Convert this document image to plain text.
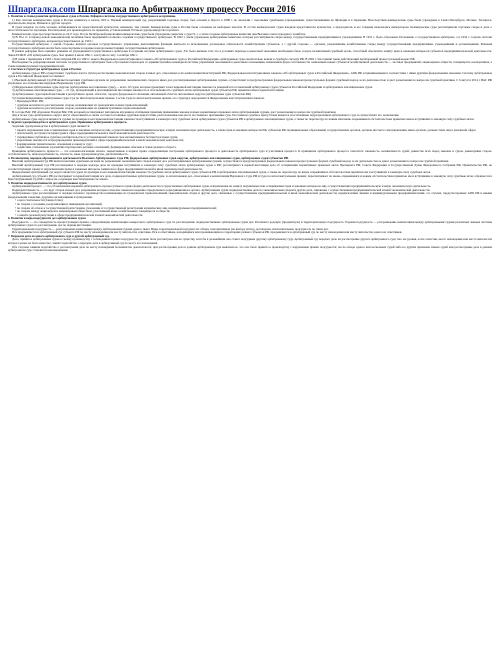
Шпаргалка.com Шпаргалка по Арбитражному процессу России 2016
1. Понятие и этапы развития арбитражных судов в России. Реформа системы государственного арбитража и ее причины.

1) Как система коммерческих судов в России появилась в начале XIX в. Первый коммерческий суд, разрешавший торговые споры, был основан в Одессе в 1808 г. по аналогии с торговыми судебными учреждениями, существовавшими во Франции и в Германии. Впоследствии коммерческие суды были учреждены в Санкт-Петербурге, Москве, Таганроге, Архангельске, Керчи, Измаиле и других городах.

В судах входило по пять человек, избиравшихся из представителей купечества; наименее, тем самым, Коммерческие суды в России были основаны на выборных началах. В состав коммерческих судов входили представители купечества, а председатель и его товарищ назначались императором. Коммерческие суды рассматривали торговые споры и дела о несостоятельности торговцев. Рассмотрение дел производилось по правилам, установленным Уставом судопроизводства торгового.

Коммерческие суды просуществовали до 1917 года. После Октябрьской революции коммерческие суды были упразднены декретом о суде № 1, а затем созданы арбитражные комиссии при Высшем совете народного хозяйства.

3) В 30-е гг. в период новой экономической политики была предпринята попытка создания государственного арбитража. В 1922 г. были учреждены арбитражные комиссии, которые рассматривали споры между государственными предприятиями и учреждениями. В 1931 г. было образовано Положение о государственном арбитраже, а в 1934 г. создана система государственного арбитража, которая просуществовала до 1991 г.

Государственный арбитраж, с одной стороны, являлся органом государственного управления, выполнявшим функции контроля за исполнением договорных обязательств хозяйствующих субъектов, а с другой стороны — органом, разрешавшим хозяйственные споры между государственными предприятиями, учреждениями и организациями. Решения государственного арбитража могли быть пересмотрены в порядке надзора вышестоящим государственным арбитражем.

В рамках реформы было принято решение об упразднении государственного арбитража и создании системы арбитражных судов. Это было вызвано тем, что в условиях перехода к рыночной экономике необходимо было создать независимый судебный орган, способный обеспечить защиту прав и законных интересов субъектов предпринимательской деятельности. Закон РСФСР «Об арбитражном суде» был принят 4 июля 1991 г. и вступил в силу 1 октября 1991 г.

4) В связи с принятием в 1993 г. Конституции РФ и в 1995 г. нового Федерального конституционного закона «Об арбитражных судах в Российской Федерации» арбитражные суды окончательно вошли в судебную систему РФ. В 2002 г. был принят ныне действующий Арбитражный процессуальный кодекс РФ.

Необходимость реформирования системы государственного арбитража была обусловлена переходом от административно-командной системы управления экономикой к рыночным отношениям, изменением форм собственности, появлением новых субъектов хозяйственной деятельности — частных предприятий, акционерных обществ, товариществ, кооперативов, а также индивидуальных предпринимателей.

2. Система и структура арбитражных судов в России.

Арбитражные суды в РФ осуществляют судебную власть путем рассмотрения экономических споров и иных дел, отнесенных к их компетенции Конституцией РФ, Федеральным конституционным законом «Об арбитражных судах в Российской Федерации», АПК РФ и принимаемыми в соответствии с ними другими федеральными законами. Систему арбитражных судов в Российской Федерации составляют:

1) Высший Арбитражный Суд РФ является высшим судебным органом по разрешению экономических споров и иных дел, рассматриваемых арбитражными судами, осуществляет в предусмотренных федеральным законом процессуальных формах судебный надзор за их деятельностью и дает разъяснения по вопросам судебной практики. С 6 августа 2014 г. ВАС РФ упразднен, его полномочия переданы Верховному Суду РФ.

2) Федеральные арбитражные суды округов (арбитражные кассационные суды) — всего 10 судов, которые проверяют в кассационной инстанции законность решений и постановлений арбитражных судов субъектов Российской Федерации и арбитражных апелляционных судов.

3) Арбитражные апелляционные суды — 21 суд, проверяющий в апелляционной инстанции законность и обоснованность судебных актов арбитражных судов субъектов РФ, принятых ими в первой инстанции.

4) Арбитражные суды первой инстанции в республиках, краях, областях, городах федерального значения, автономной области, автономных округах (арбитражные суды субъектов РФ).

5) Специализированные арбитражные суды: Суд по интеллектуальным правам. Состав Суда по интеллектуальным правам, его структура определяются Федеральным конституционным законом.

• Президиум ВАС РФ;
• судебная коллегия по рассмотрению споров, возникающих из гражданских и иных правоотношений;
• судебная коллегия по рассмотрению споров, возникающих из административных правоотношений.

В составе ВАС РФ образован Пленум ВАС РФ, который рассматривает материалы изучения и обобщения практики применения законов и иных нормативных правовых актов арбитражными судами, дает разъяснения по вопросам судебной практики.

Два и более суда арбитражного округа могут образовывать в своем составе постоянные судебные присутствия, расположенные вне места постоянного пребывания суда. Постоянное судебное присутствие является обособленным подразделением арбитражного суда и осуществляет его полномочия.

Арбитражные суды округов являются судами по проверке в кассационной инстанции законности вступивших в законную силу судебных актов арбитражных судов субъектов РФ и арбитражных апелляционных судов, а также по пересмотру по новым или вновь открывшимся обстоятельствам принятых ими и вступивших в законную силу судебных актов.

3. Задачи судопроизводства в арбитражных судах. Принципы арбитражного процесса.

Задачами судопроизводства в арбитражных судах являются:

• защита нарушенных или оспариваемых прав и законных интересов лиц, осуществляющих предпринимательскую и иную экономическую деятельность, а также прав и законных интересов РФ, субъектов РФ, муниципальных образований, государственных органов, органов местного самоуправления, иных органов, должностных лиц в указанной сфере;
• обеспечение доступности правосудия в сфере предпринимательской и иной экономической деятельности;
• справедливое публичное судебное разбирательство в установленный законом срок независимым и беспристрастным судом;
• укрепление законности и предупреждение правонарушений в сфере предпринимательской и иной экономической деятельности;
• формирование уважительного отношения к закону и суду;
• содействие становлению и развитию партнерских деловых отношений, формированию обычаев и этики делового оборота.

Принципы арбитражного процесса — это основополагающие начала, закрепленные в нормах права, определяющие построение арбитражного процесса и деятельность арбитражного суда и участников процесса. К принципам арбитражного процесса относятся: законность, независимость судей, равенство всех перед законом и судом, равноправие сторон, состязательность, непосредственность, гласность, язык судопроизводства, диспозитивность.

4. Полномочия, порядок образования и деятельности Высшего Арбитражного Суда РФ, федеральных арбитражных судов округов, арбитражных апелляционных судов, арбитражных судов субъектов РФ.

Высший Арбитражный Суд РФ являлся высшим судебным органом по разрешению экономических споров и иных дел, рассматриваемых арбитражными судами, осуществлял в предусмотренных федеральным законом процессуальных формах судебный надзор за их деятельностью и давал разъяснения по вопросам судебной практики.

Высший Арбитражный Суд РФ рассматривал в порядке надзора дела по проверке вступивших в законную силу судебных актов арбитражных судов в РФ; рассматривал в первой инстанции дела об оспаривании нормативных правовых актов Президента РФ, Совета Федерации и Государственной Думы Федерального Собрания РФ, Правительства РФ, не соответствующих закону и затрагивающих права и законные интересы заявителя в сфере предпринимательской и иной экономической деятельности.

Федеральный арбитражный суд округа является судом по проверке в кассационной инстанции законности судебных актов арбитражных судов субъектов РФ и арбитражных апелляционных судов, а также по пересмотру по вновь открывшимся обстоятельствам принятых им и вступивших в законную силу судебных актов.

Арбитражный суд субъекта РФ рассматривает в первой инстанции все дела, подведомственные арбитражным судам, за исключением дел, отнесенных к компетенции Верховного Суда РФ и Суда по интеллектуальным правам; пересматривает по вновь открывшимся и новым обстоятельствам принятые им и вступившие в законную силу судебные акты; обращается в Конституционный Суд РФ с запросом о проверке конституционности закона.

5. Понятие подведомственности дел арбитражным судам.

Арбитражный процесс — это установленная нормами арбитражного процессуального права форма деятельности государственных арбитражных судов, направленная на защиту нарушенных или оспариваемых прав и законных интересов лиц, осуществляющих предпринимательскую и иную экономическую деятельность.

Подведомственность — это круг споров и иных дел, разрешение которых отнесено законом к ведению определенного юрисдикционного органа. Арбитражным судам подведомственны дела по экономическим спорам и другие дела, связанные с осуществлением предпринимательской и иной экономической деятельности.

Арбитражные суды рассматривают в порядке искового производства возникающие из гражданских правоотношений экономические споры и другие дела, связанные с осуществлением предпринимательской и иной экономической деятельности, юридическими лицами и индивидуальными предпринимателями, а в случаях, предусмотренных АПК РФ и иными федеральными законами, другими организациями и гражданами.

• о несостоятельности (банкротстве);
• по спорам о создании, реорганизации и ликвидации организаций;
• по спорам об отказе в государственной регистрации, уклонении от государственной регистрации юридических лиц, индивидуальных предпринимателей;
• по спорам между акционером и акционерным обществом, участниками иных хозяйственных товариществ и обществ;
• о защите деловой репутации в сфере предпринимательской и иной экономической деятельности.
6. Понятие и виды подсудности дел арбитражным судам.

Подсудность — это совокупность процессуальных правил, определяющих компетенцию конкретного арбитражного суда по рассмотрению подведомственных арбитражным судам дел. Различают родовую (предметную) и территориальную подсудность. Родовая подсудность — разграничение компетенции между арбитражными судами различных звеньев системы арбитражных судов по рассмотрению дел по первой инстанции.

Территориальная подсудность — разграничение компетенции между арбитражными судами одного звена. Виды территориальной подсудности: общая, альтернативная (по выбору истца), договорная, исключительная, подсудность по связи дел.

Иск предъявляется в арбитражный суд субъекта РФ по месту нахождения или месту жительства ответчика. Иск к ответчикам, находящимся или проживающим на территориях разных субъектов РФ, предъявляется в арбитражный суд по месту нахождения или месту жительства одного из ответчиков.

7. Передача дела из одного арбитражного суда в другой арбитражный суд.

Дело, принятое арбитражным судом к своему производству с соблюдением правил подсудности, должно быть рассмотрено им по существу, хотя бы в дальнейшем оно станет подсудным другому арбитражному суду. Арбитражный суд передает дело на рассмотрение другого арбитражного суда того же уровня, если: ответчик, место нахождения или место жительства которого ранее не было известно, заявит ходатайство о передаче дела в арбитражный суд по месту его нахождения.

Обе стороны заявили ходатайство о рассмотрении дела по месту нахождения большинства доказательств; при рассмотрении дела в данном арбитражном суде выяснилось, что оно было принято к производству с нарушением правил подсудности; после отвода одного или нескольких судей либо по другим причинам замена судей или рассмотрение дела в данном арбитражном суде становятся невозможными.
